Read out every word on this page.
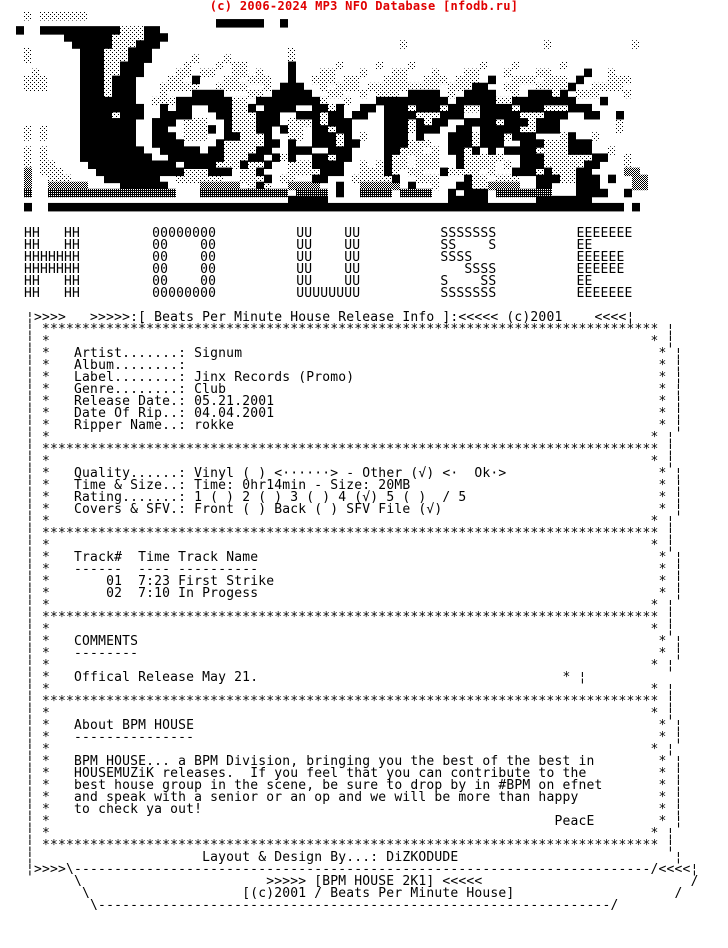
(c) 2006-2024 MP3 NFO Database [nfodb.ru]
HH   HH         00000000          UU    UU          SSSSSSS          EEEEEEE
HH   HH         00    00          UU    UU          SS    S          EE
HHHHHHH         00    00          UU    UU          SSSS             EEEEEE
HHHHHHH         00    00          UU    UU             SSSS          EEEEEE
HH   HH         00    00          UU    UU          S    SS          EE
HH   HH         00000000          UUUUUUUU          SSSSSSS          EEEEEEE
¦>>>>   >>>>>:[ Beats Per Minute House Release Info ]:<<<<< (c)2001    <<<<¦
¦ ***************************************************************************** ¦
¦ *                                                                           * ¦
¦ *   Artist.......: Signum                                                    * ¦
¦ *   Album........:                                                           * ¦
¦ *   Label........: Jinx Records (Promo)                                      * ¦
¦ *   Genre........: Club                                                      * ¦
¦ *   Release Date.: 05.21.2001                                                * ¦
¦ *   Date Of Rip..: 04.04.2001                                                * ¦
¦ *   Ripper Name..: rokke                                                     * ¦
¦ *                                                                           * ¦
¦ ***************************************************************************** ¦
¦ *                                                                           * ¦
¦ *   Quality......: Vinyl ( ) <······> - Other (√) <·  Ok·>                   * ¦
¦ *   Time & Size..: Time: 0hr14min - Size: 20MB                               * ¦
¦ *   Rating.......: 1 ( ) 2 ( ) 3 ( ) 4 (√) 5 ( )  / 5                        * ¦
¦ *   Covers & SFV.: Front ( ) Back ( ) SFV File (√)                           * ¦
¦ *                                                                           * ¦
¦ ***************************************************************************** ¦
¦ *                                                                           * ¦
¦ *   Track# Time Track Name                                                  * ¦
¦ *   ------ ---- ----------                                                  * ¦
¦ *       01 7:23 First Strike                                                * ¦
¦ *       02 7:10 In Progess                                                  * ¦
¦ *                                                                           * ¦
¦ ***************************************************************************** ¦
¦ *                                                                           * ¦
¦ *   COMMENTS                                                                 * ¦
¦ *   --------                                                                 * ¦
¦ *                                                                           * ¦
¦ *   Offical Release May 21.                                      * ¦
¦ *                                                                           * ¦
¦ ***************************************************************************** ¦
¦ *                                                                           * ¦
¦ *   About BPM HOUSE                                                          * ¦
¦ *   ---------------                                                          * ¦
¦ *                                                                           * ¦
¦ *   BPM HOUSE... a BPM Division, bringing you the best of the best in        * ¦
¦ *   HOUSEMUZiK releases.  If you feel that you can contribute to the         * ¦
¦ *   best house group in the scene, be sure to drop by in #BPM on efnet       * ¦
¦ *   and speak with a senior or an op and we will be more than happy          * ¦
¦ *   to check ya out!                                                         * ¦
¦ *                                                               PeacE        * ¦
¦ *                                                                           * ¦
¦ ***************************************************************************** ¦
¦                     Layout & Design By...: DiZKODUDE                           ¦
¦>>>>\------------------------------------------------------------------------/<<<<¦
\                       >>>>> [BPM HOUSE 2K1] <<<<<                          /
\                   [(c)2001 / Beats Per Minute House]                    /
\----------------------------------------------------------------/
